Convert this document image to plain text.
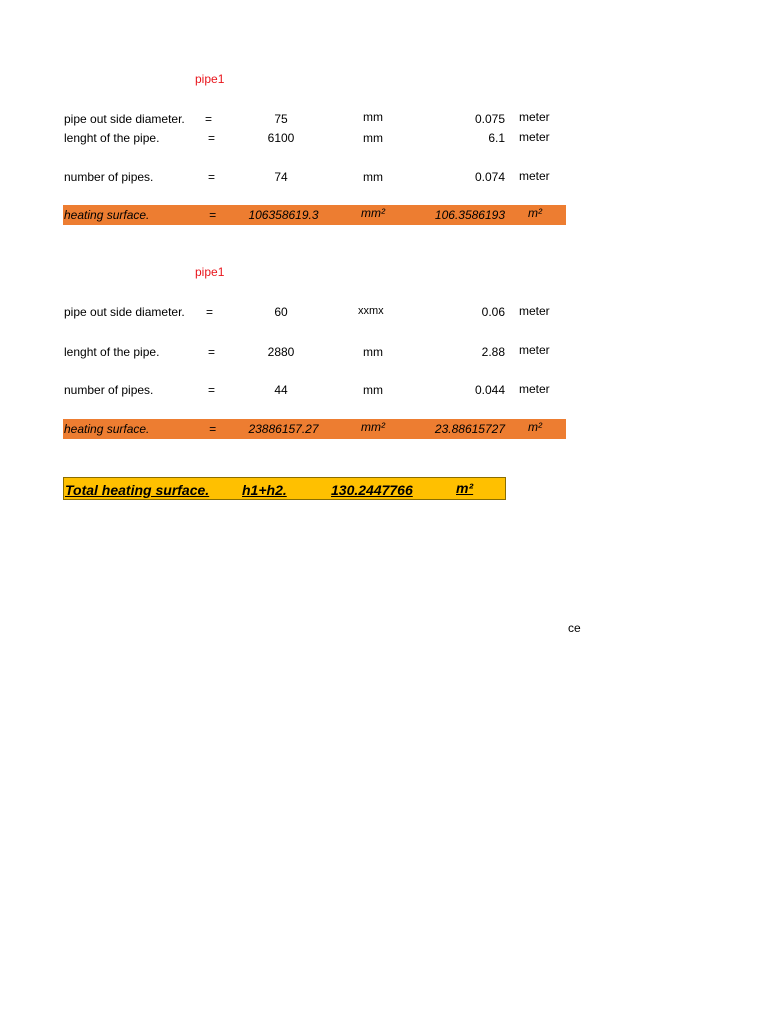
pipe1
pipe out side diameter. =	75	mm	0.075 meter
lenght of the pipe.	=	6100	mm	6.1 meter
number of pipes.	=	74	mm	0.074 meter
heating surface.	=	106358619.3	mm²	106.3586193 m²
pipe1
pipe out side diameter. =	60	xxmx	0.06 meter
lenght of the pipe.	=	2880	mm	2.88 meter
number of pipes.	=	44	mm	0.044 meter
heating surface.	=	23886157.27	mm²	23.88615727 m²
Total heating surface. h1+h2.	130.2447766	m²
ce
